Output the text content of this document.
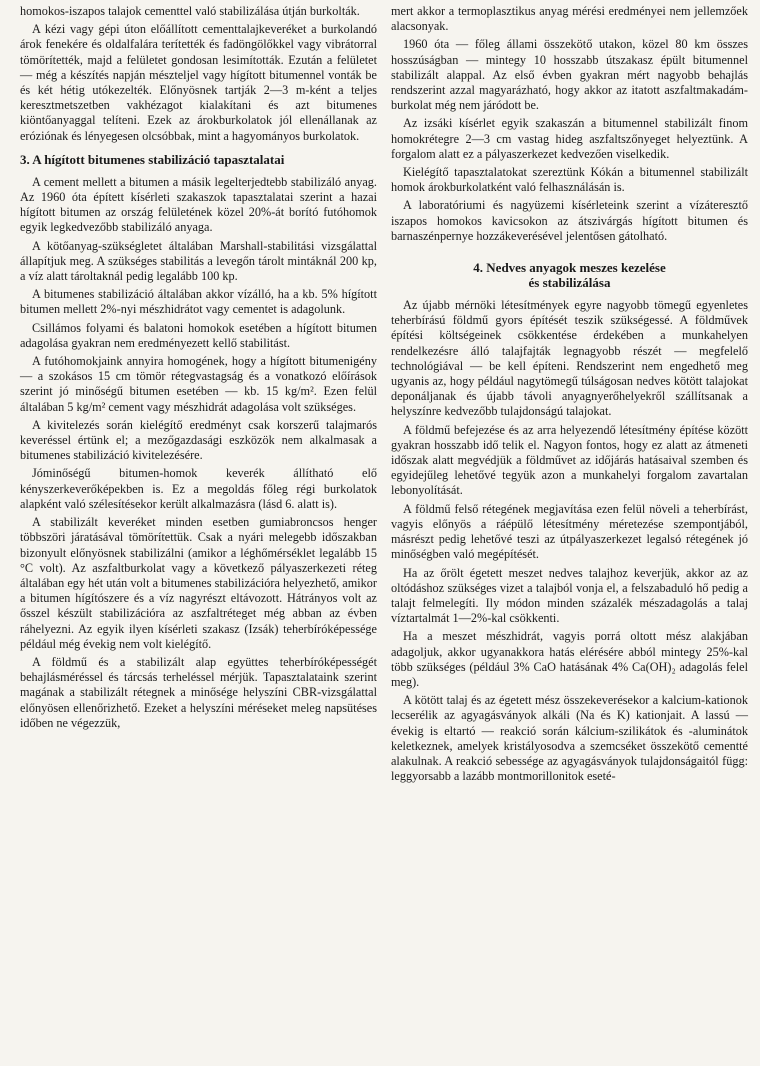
homokos-iszapos talajok cementtel való stabilizálása útján burkolták.

A kézi vagy gépi úton előállított cementtalajkeveréket a burkolandó árok fenekére és oldalfalára terítették és fadöngölőkkel vagy vibrátorral tömörítették, majd a felületet gondosan lesimították. Ezután a felületet — még a készítés napján mészteljel vagy hígított bitumennel vonták be és két hétig utókezelték. Előnyösnek tartják 2—3 m-ként a teljes keresztmetszetben vakhézagot kialakítani és azt bitumenes kiöntőanyaggal telíteni. Ezek az árokburkolatok jól ellenállanak az eróziónak és lényegesen olcsóbbak, mint a hagyományos burkolatok.

3. A hígított bitumenes stabilizáció tapasztalatai

A cement mellett a bitumen a másik legelterjedtebb stabilizáló anyag. Az 1960 óta épített kísérleti szakaszok tapasztalatai szerint a hazai hígított bitumen az ország felületének közel 20%-át borító futóhomok egyik legkedvezőbb stabilizáló anyaga.

A kötőanyag-szükségletet általában Marshall-stabilitási vizsgálattal állapítjuk meg. A szükséges stabilitás a levegőn tárolt mintáknál 200 kp, a víz alatt tároltaknál pedig legalább 100 kp.

A bitumenes stabilizáció általában akkor vízálló, ha a kb. 5% hígított bitumen mellett 2%-nyi mészhidrátot vagy cementet is adagolunk.

Csillámos folyami és balatoni homokok esetében a hígított bitumen adagolása gyakran nem eredményezett kellő stabilitást.

A futóhomokjaink annyira homogének, hogy a hígított bitumenigény — a szokásos 15 cm tömör rétegvastagság és a vonatkozó előírások szerint jó minőségű bitumen esetében — kb. 15 kg/m². Ezen felül általában 5 kg/m² cement vagy mészhidrát adagolása volt szükséges.

A kivitelezés során kielégítő eredményt csak korszerű talajmarós keveréssel értünk el; a mezőgazdasági eszközök nem alkalmasak a bitumenes stabilizáció kivitelezésére.

Jóminőségű bitumen-homok keverék állítható elő kényszerkeverőképekben is. Ez a megoldás főleg régi burkolatok alapként való szélesítésekor került alkalmazásra (lásd 6. alatt is).

A stabilizált keveréket minden esetben gumiabroncsos henger többszöri járatásával tömörítettük. Csak a nyári melegebb időszakban bizonyult előnyösnek stabilizálni (amikor a léghőmérséklet legalább 15 °C volt). Az aszfaltburkolat vagy a következő pályaszerkezeti réteg általában egy hét után volt a bitumenes stabilizációra helyezhető, amikor a bitumen hígítószere és a víz nagyrészt eltávozott. Hátrányos volt az ősszel készült stabilizációra az aszfaltréteget még abban az évben ráhelyezni. Az egyik ilyen kísérleti szakasz (Izsák) teherbíróképessége például még évekig nem volt kielégítő.

A földmű és a stabilizált alap együttes teherbíróképességét behajlásméréssel és tárcsás terheléssel mérjük. Tapasztalataink szerint magának a stabilizált rétegnek a minősége helyszíni CBR-vizsgálattal előnyösen ellenőrizhető. Ezeket a helyszíni méréseket meleg napsütéses időben ne végezzük,

mert akkor a termoplasztikus anyag mérési eredményei nem jellemzőek alacsonyak.

1960 óta — főleg állami összekötő utakon, közel 80 km összes hosszúságban — mintegy 10 hosszabb útszakasz épült bitumennel stabilizált alappal. Az első évben gyakran mért nagyobb behajlás rendszerint azzal magyarázható, hogy akkor az itatott aszfaltmakadám-burkolat még nem járódott be.

Az izsáki kísérlet egyik szakaszán a bitumennel stabilizált finom homokrétegre 2—3 cm vastag hideg aszfaltszőnyeget helyeztünk. A forgalom alatt ez a pályaszerkezet kedvezően viselkedik.

Kielégítő tapasztalatokat szereztünk Kókán a bitumennel stabilizált homok árokburkolatként való felhasználásán is.

A laboratóriumi és nagyüzemi kísérleteink szerint a vízáteresztő iszapos homokos kavicsokon az átszivárgás hígított bitumen és barnaszénpernye hozzákeverésével jelentősen gátolható.

4. Nedves anyagok meszes kezelése
és stabilizálása

Az újabb mérnöki létesítmények egyre nagyobb tömegű egyenletes teherbírású földmű gyors építését teszik szükségessé. A földművek építési költségeinek csökkentése érdekében a munkahelyen rendelkezésre álló talajfajták legnagyobb részét — megfelelő technológiával — be kell építeni. Rendszerint nem engedhető meg ugyanis az, hogy például nagytömegű túlságosan nedves kötött talajokat deponáljanak és újabb távoli anyagnyerőhelyekről szállítsanak a helyszínre kedvezőbb tulajdonságú talajokat.

A földmű befejezése és az arra helyezendő létesítmény építése között gyakran hosszabb idő telik el. Nagyon fontos, hogy ez alatt az átmeneti időszak alatt megvédjük a földművet az időjárás hatásaival szemben és egyidejűleg lehetővé tegyük azon a munkahelyi forgalom zavartalan lebonyolítását.

A földmű felső rétegének megjavítása ezen felül növeli a teherbírást, vagyis előnyös a ráépülő létesítmény méretezése szempontjából, másrészt pedig lehetővé teszi az útpályaszerkezet legalsó rétegének jó minőségben való megépítését.

Ha az őrölt égetett meszet nedves talajhoz keverjük, akkor az az oltódáshoz szükséges vizet a talajból vonja el, a felszabaduló hő pedig a talajt felmelegíti. Ily módon minden százalék mészadagolás a talaj víztartalmát 1—2%-kal csökkenti.

Ha a meszet mészhidrát, vagyis porrá oltott mész alakjában adagoljuk, akkor ugyanakkora hatás elérésére abból mintegy 25%-kal több szükséges (például 3% CaO hatásának 4% Ca(OH)₂ adagolás felel meg).

A kötött talaj és az égetett mész összekeverésekor a kalcium-kationok lecserélik az agyagásványok alkáli (Na és K) kationjait. A lassú — évekig is eltartó — reakció során kálcium-szilikátok és -aluminátok keletkeznek, amelyek kristályosodva a szemcséket összekötő cementté alakulnak. A reakció sebessége az agyagásványok tulajdonságaitól függ: leggyorsabb a lazább montmorillonitok eseté-
